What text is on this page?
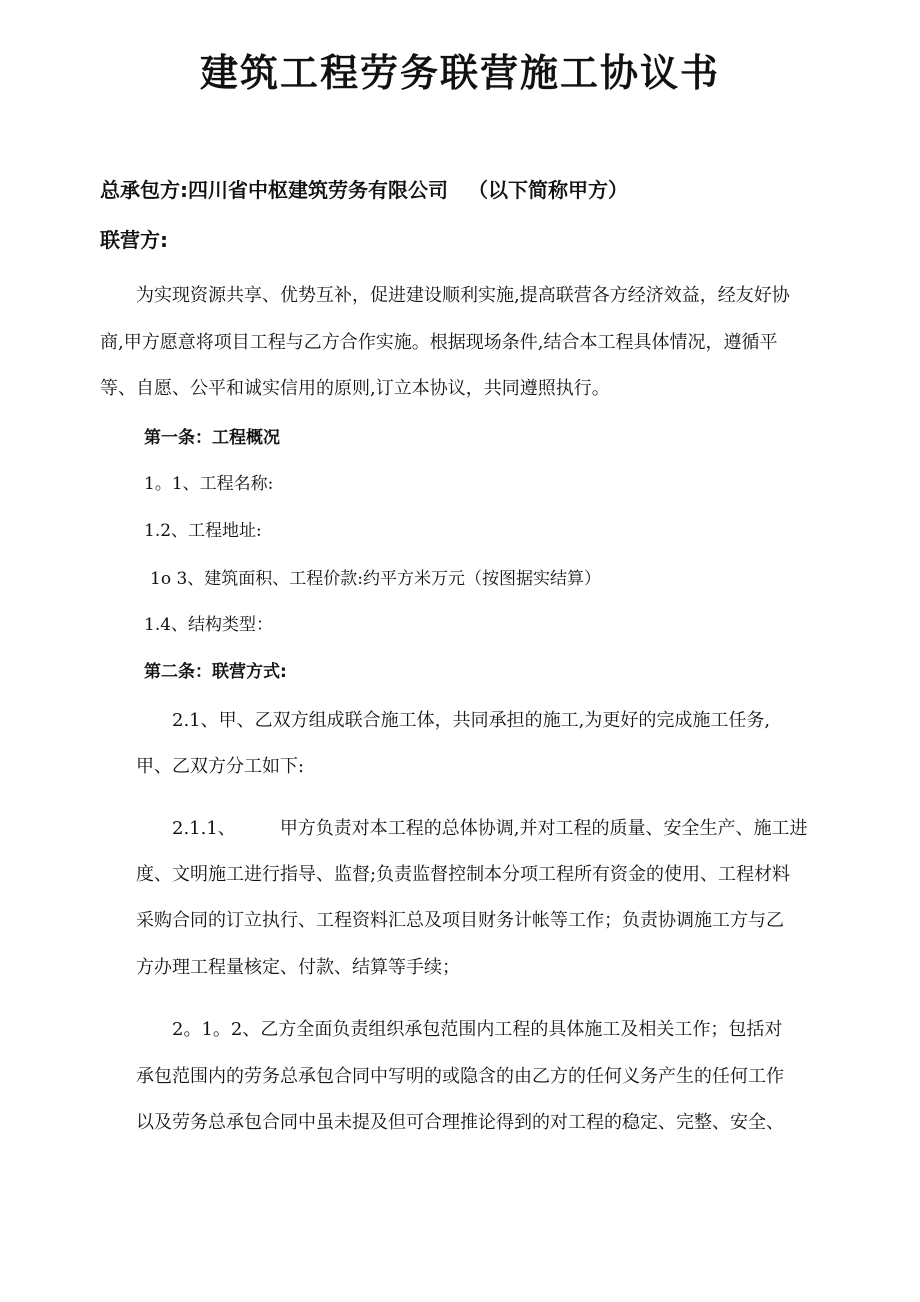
建筑工程劳务联营施工协议书
总承包方:四川省中枢建筑劳务有限公司 （以下简称甲方）
联营方:
为实现资源共享、优势互补，促进建设顺利实施,提高联营各方经济效益，经友好协
商,甲方愿意将项目工程与乙方合作实施。根据现场条件,结合本工程具体情况，遵循平
等、自愿、公平和诚实信用的原则,订立本协议，共同遵照执行。
第一条：工程概况
1。1、工程名称:
1.2、工程地址:
1o 3、建筑面积、工程价款:约平方米万元（按图据实结算）
1.4、结构类型：
第二条：联营方式:
2.1、甲、乙双方组成联合施工体，共同承担的施工,为更好的完成施工任务,
甲、乙双方分工如下:
2.1.1、 甲方负责对本工程的总体协调,并对工程的质量、安全生产、施工进
度、文明施工进行指导、监督;负责监督控制本分项工程所有资金的使用、工程材料
采购合同的订立执行、工程资料汇总及项目财务计帐等工作；负责协调施工方与乙
方办理工程量核定、付款、结算等手续；
2。1。2、乙方全面负责组织承包范围内工程的具体施工及相关工作；包括对
承包范围内的劳务总承包合同中写明的或隐含的由乙方的任何义务产生的任何工作
以及劳务总承包合同中虽未提及但可合理推论得到的对工程的稳定、完整、安全、
